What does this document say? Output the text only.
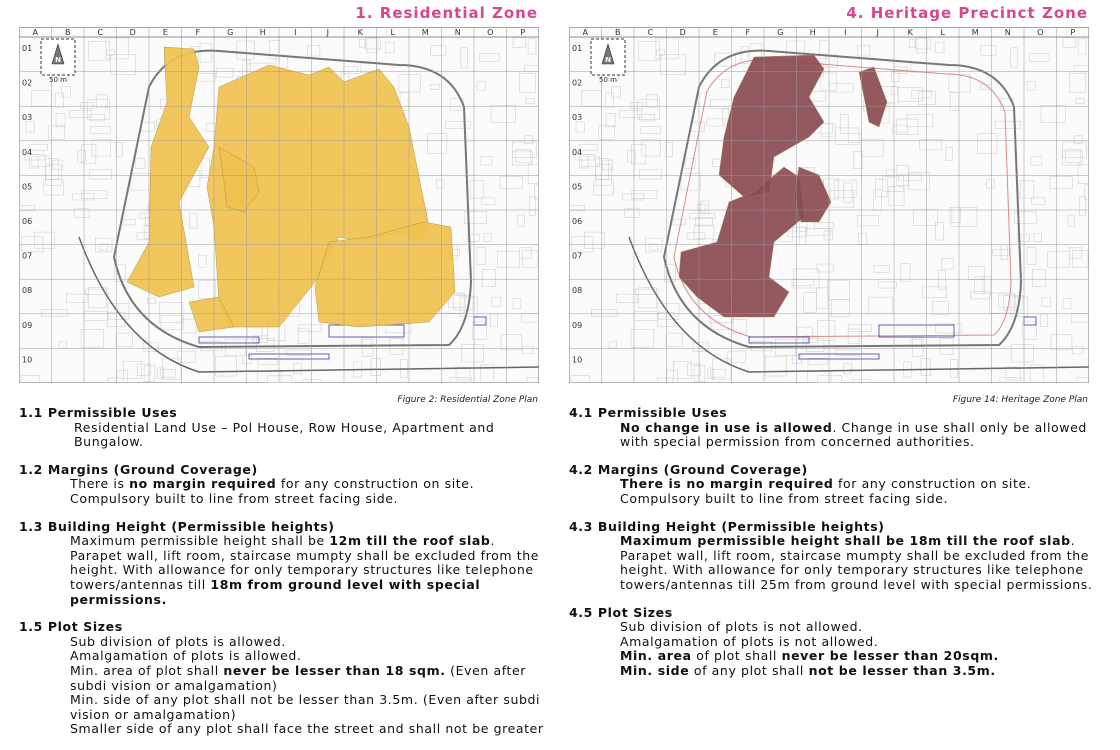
1. Residential Zone
A	B	C	D	E	F	G	H	I	J	K	L	M	N	O	P
01
02
03
04
05
06
07
08
09
10
N
50 m

Figure 2: Residential Zone Plan

1.1 Permissible Uses

Residential Land Use – Pol House, Row House, Apartment and Bungalow.

1.2 Margins (Ground Coverage)

There is no margin required for any construction on site. Compulsory built to line from street facing side.

1.3 Building Height (Permissible heights)

Maximum permissible height shall be 12m till the roof slab. Parapet wall, lift room, staircase mumpty shall be excluded from the height. With allowance for only temporary structures like telephone towers/antennas till 18m from ground level with special permissions.

1.5 Plot Sizes

Sub division of plots is allowed.

Amalgamation of plots is allowed.

Min. area of plot shall never be lesser than 18 sqm. (Even after subdi vision or amalgamation)

Min. side of any plot shall not be lesser than 3.5m. (Even after subdi vision or amalgamation)

Smaller side of any plot shall face the street and shall not be greater

4. Heritage Precinct Zone
A	B	C	D	E	F	G	H	I	J	K	L	M	N	O	P
01
02
03
04
05
06
07
08
09
10
N
50 m

Figure 14: Heritage Zone Plan

4.1 Permissible Uses

No change in use is allowed. Change in use shall only be allowed with special permission from concerned authorities.

4.2 Margins (Ground Coverage)

There is no margin required for any construction on site. Compulsory built to line from street facing side.

4.3 Building Height (Permissible heights)

Maximum permissible height shall be 18m till the roof slab. Parapet wall, lift room, staircase mumpty shall be excluded from the height. With allowance for only temporary structures like telephone towers/antennas till 25m from ground level with special permissions.

4.5 Plot Sizes

Sub division of plots is not allowed.

Amalgamation of plots is not allowed.

Min. area of plot shall never be lesser than 20sqm.

Min. side of any plot shall not be lesser than 3.5m.
